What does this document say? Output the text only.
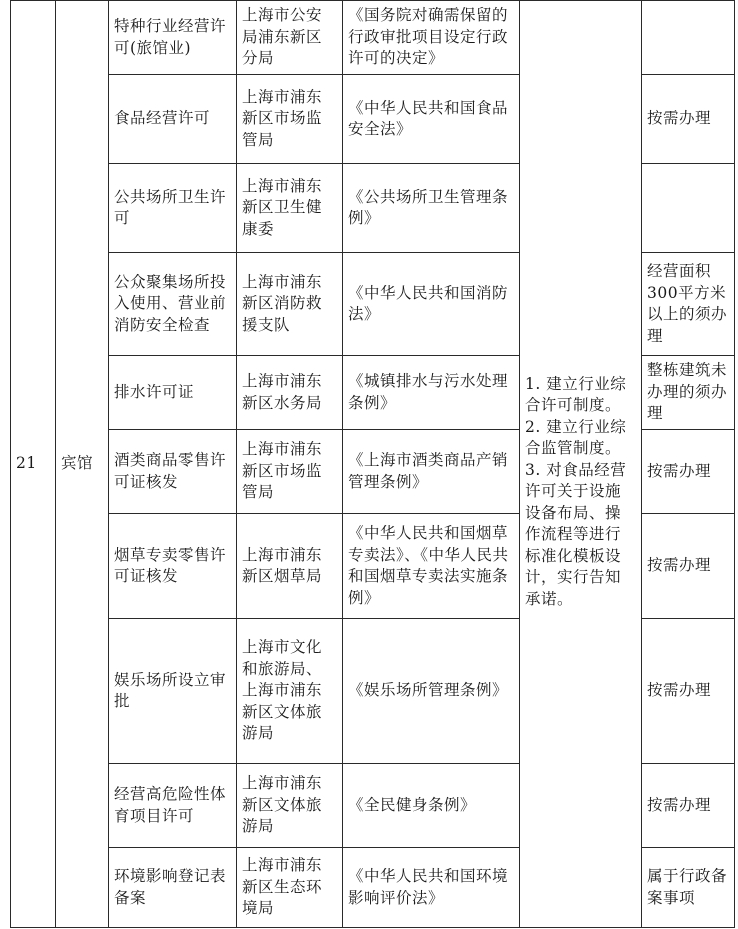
21	宾馆	特种行业经营许可(旅馆业)	上海市公安局浦东新区分局	《国务院对确需保留的行政审批项目设定行政许可的决定》	1. 建立行业综合许可制度。
2. 建立行业综合监管制度。
3. 对食品经营许可关于设施设备布局、操作流程等进行标准化模板设计，实行告知承诺。	

		食品经营许可	上海市浦东新区市场监管局	《中华人民共和国食品安全法》		按需办理

		公共场所卫生许可	上海市浦东新区卫生健康委	《公共场所卫生管理条例》		

		公众聚集场所投入使用、营业前消防安全检查	上海市浦东新区消防救援支队	《中华人民共和国消防法》		经营面积300平方米以上的须办理

		排水许可证	上海市浦东新区水务局	《城镇排水与污水处理条例》		整栋建筑未办理的须办理

		酒类商品零售许可证核发	上海市浦东新区市场监管局	《上海市酒类商品产销管理条例》		按需办理

		烟草专卖零售许可证核发	上海市浦东新区烟草局	《中华人民共和国烟草专卖法》、《中华人民共和国烟草专卖法实施条例》		按需办理

		娱乐场所设立审批	上海市文化和旅游局、上海市浦东新区文体旅游局	《娱乐场所管理条例》		按需办理

		经营高危险性体育项目许可	上海市浦东新区文体旅游局	《全民健身条例》		按需办理

		环境影响登记表备案	上海市浦东新区生态环境局	《中华人民共和国环境影响评价法》		属于行政备案事项
